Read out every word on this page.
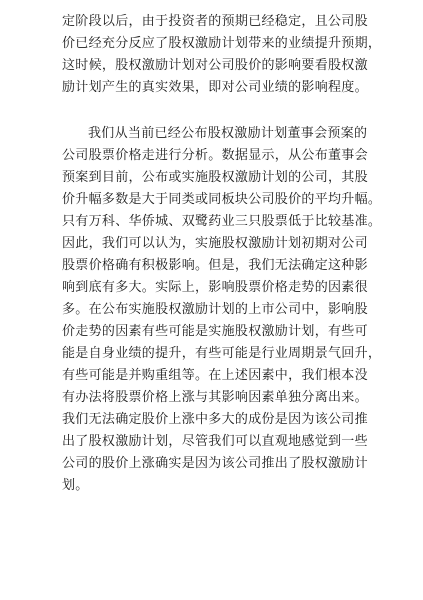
定阶段以后，由于投资者的预期已经稳定，且公司股
价已经充分反应了股权激励计划带来的业绩提升预期，
这时候，股权激励计划对公司股价的影响要看股权激
励计划产生的真实效果，即对公司业绩的影响程度。
我们从当前已经公布股权激励计划董事会预案的
公司股票价格走进行分析。数据显示，从公布董事会
预案到目前，公布或实施股权激励计划的公司，其股
价升幅多数是大于同类或同板块公司股价的平均升幅。
只有万科、华侨城、双鹭药业三只股票低于比较基准。
因此，我们可以认为，实施股权激励计划初期对公司
股票价格确有积极影响。但是，我们无法确定这种影
响到底有多大。实际上，影响股票价格走势的因素很
多。在公布实施股权激励计划的上市公司中，影响股
价走势的因素有些可能是实施股权激励计划，有些可
能是自身业绩的提升，有些可能是行业周期景气回升，
有些可能是并购重组等。在上述因素中，我们根本没
有办法将股票价格上涨与其影响因素单独分离出来。
我们无法确定股价上涨中多大的成份是因为该公司推
出了股权激励计划，尽管我们可以直观地感觉到一些
公司的股价上涨确实是因为该公司推出了股权激励计
划。
